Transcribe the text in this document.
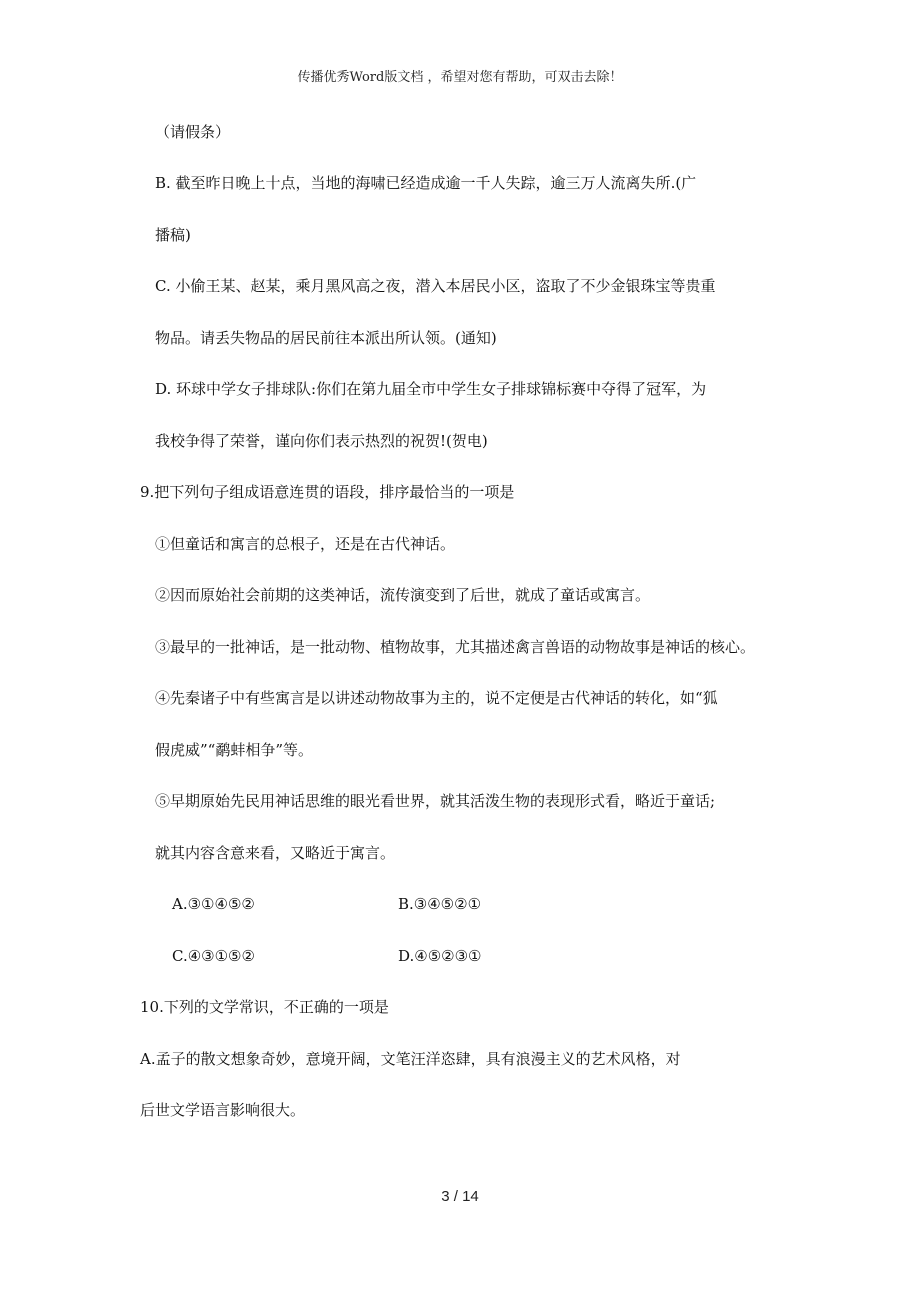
传播优秀Word版文档 ，希望对您有帮助，可双击去除！
（请假条）
B. 截至昨日晚上十点，当地的海啸已经造成逾一千人失踪，逾三万人流离失所.(广
播稿)
C. 小偷王某、赵某，乘月黑风高之夜，潜入本居民小区，盗取了不少金银珠宝等贵重
物品。请丢失物品的居民前往本派出所认领。(通知)
D. 环球中学女子排球队:你们在第九届全市中学生女子排球锦标赛中夺得了冠军，为
我校争得了荣誉，谨向你们表示热烈的祝贺!(贺电)
9.把下列句子组成语意连贯的语段，排序最恰当的一项是
①但童话和寓言的总根子，还是在古代神话。
②因而原始社会前期的这类神话，流传演变到了后世，就成了童话或寓言。
③最早的一批神话，是一批动物、植物故事，尤其描述禽言兽语的动物故事是神话的核心。
④先秦诸子中有些寓言是以讲述动物故事为主的，说不定便是古代神话的转化，如“狐
假虎威”“鹬蚌相争”等。
⑤早期原始先民用神话思维的眼光看世界，就其活泼生物的表现形式看，略近于童话;
就其内容含意来看，又略近于寓言。
A.③①④⑤②	B.③④⑤②①
C.④③①⑤②	D.④⑤②③①
10.下列的文学常识，不正确的一项是
A.孟子的散文想象奇妙，意境开阔，文笔汪洋恣肆，具有浪漫主义的艺术风格，对
后世文学语言影响很大。
3 / 14
